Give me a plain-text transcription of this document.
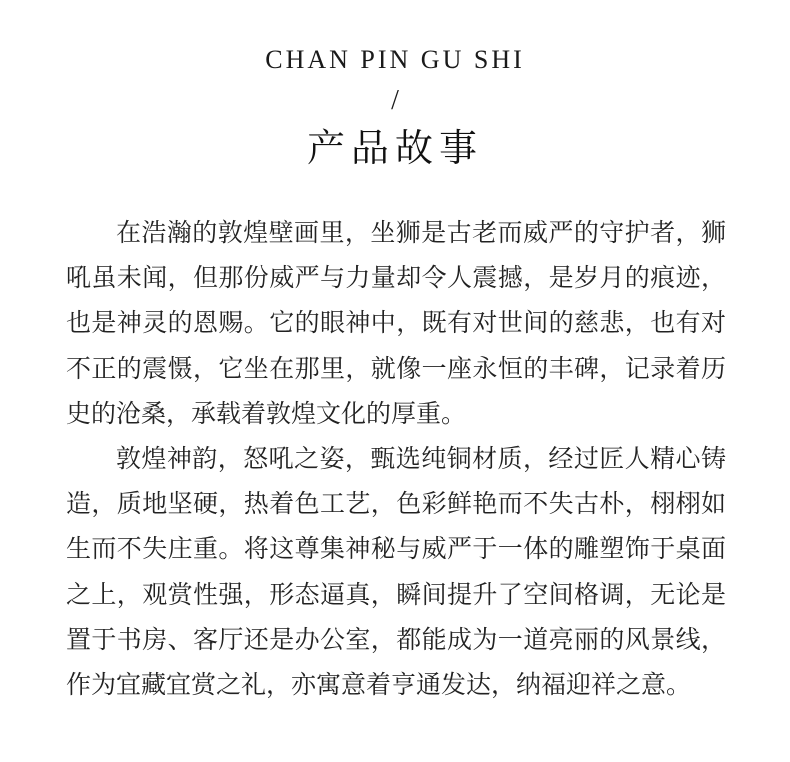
CHAN PIN GU SHI
/
产品故事

在浩瀚的敦煌壁画里，坐狮是古老而威严的守护者，狮吼虽未闻，但那份威严与力量却令人震撼，是岁月的痕迹，也是神灵的恩赐。它的眼神中，既有对世间的慈悲，也有对不正的震慑，它坐在那里，就像一座永恒的丰碑，记录着历史的沧桑，承载着敦煌文化的厚重。

敦煌神韵，怒吼之姿，甄选纯铜材质，经过匠人精心铸造，质地坚硬，热着色工艺，色彩鲜艳而不失古朴，栩栩如生而不失庄重。将这尊集神秘与威严于一体的雕塑饰于桌面之上，观赏性强，形态逼真，瞬间提升了空间格调，无论是置于书房、客厅还是办公室，都能成为一道亮丽的风景线，作为宜藏宜赏之礼，亦寓意着亨通发达，纳福迎祥之意。
